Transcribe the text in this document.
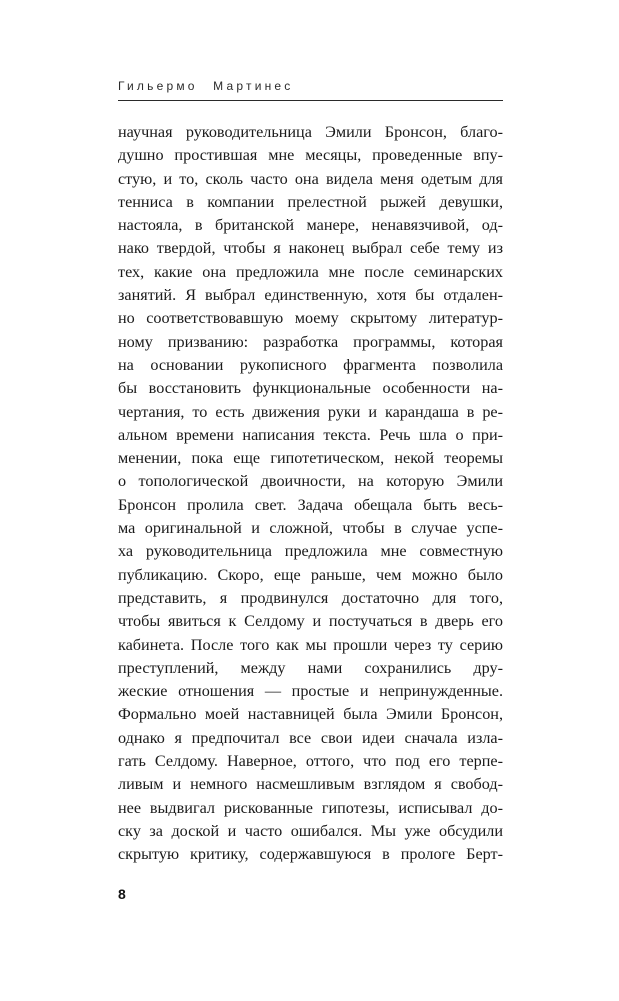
Гильермо Мартинес
научная руководительница Эмили Бронсон, благо-
душно простившая мне месяцы, проведенные впу-
стую, и то, сколь часто она видела меня одетым для
тенниса в компании прелестной рыжей девушки,
настояла, в британской манере, ненавязчивой, од-
нако твердой, чтобы я наконец выбрал себе тему из
тех, какие она предложила мне после семинарских
занятий. Я выбрал единственную, хотя бы отдален-
но соответствовавшую моему скрытому литератур-
ному призванию: разработка программы, которая
на основании рукописного фрагмента позволила
бы восстановить функциональные особенности на-
чертания, то есть движения руки и карандаша в ре-
альном времени написания текста. Речь шла о при-
менении, пока еще гипотетическом, некой теоремы
о топологической двоичности, на которую Эмили
Бронсон пролила свет. Задача обещала быть весь-
ма оригинальной и сложной, чтобы в случае успе-
ха руководительница предложила мне совместную
публикацию. Скоро, еще раньше, чем можно было
представить, я продвинулся достаточно для того,
чтобы явиться к Селдому и постучаться в дверь его
кабинета. После того как мы прошли через ту серию
преступлений, между нами сохранились дру-
жеские отношения — простые и непринужденные.
Формально моей наставницей была Эмили Бронсон,
однако я предпочитал все свои идеи сначала изла-
гать Селдому. Наверное, оттого, что под его терпе-
ливым и немного насмешливым взглядом я свобод-
нее выдвигал рискованные гипотезы, исписывал до-
ску за доской и часто ошибался. Мы уже обсудили
скрытую критику, содержавшуюся в прологе Берт-
8
